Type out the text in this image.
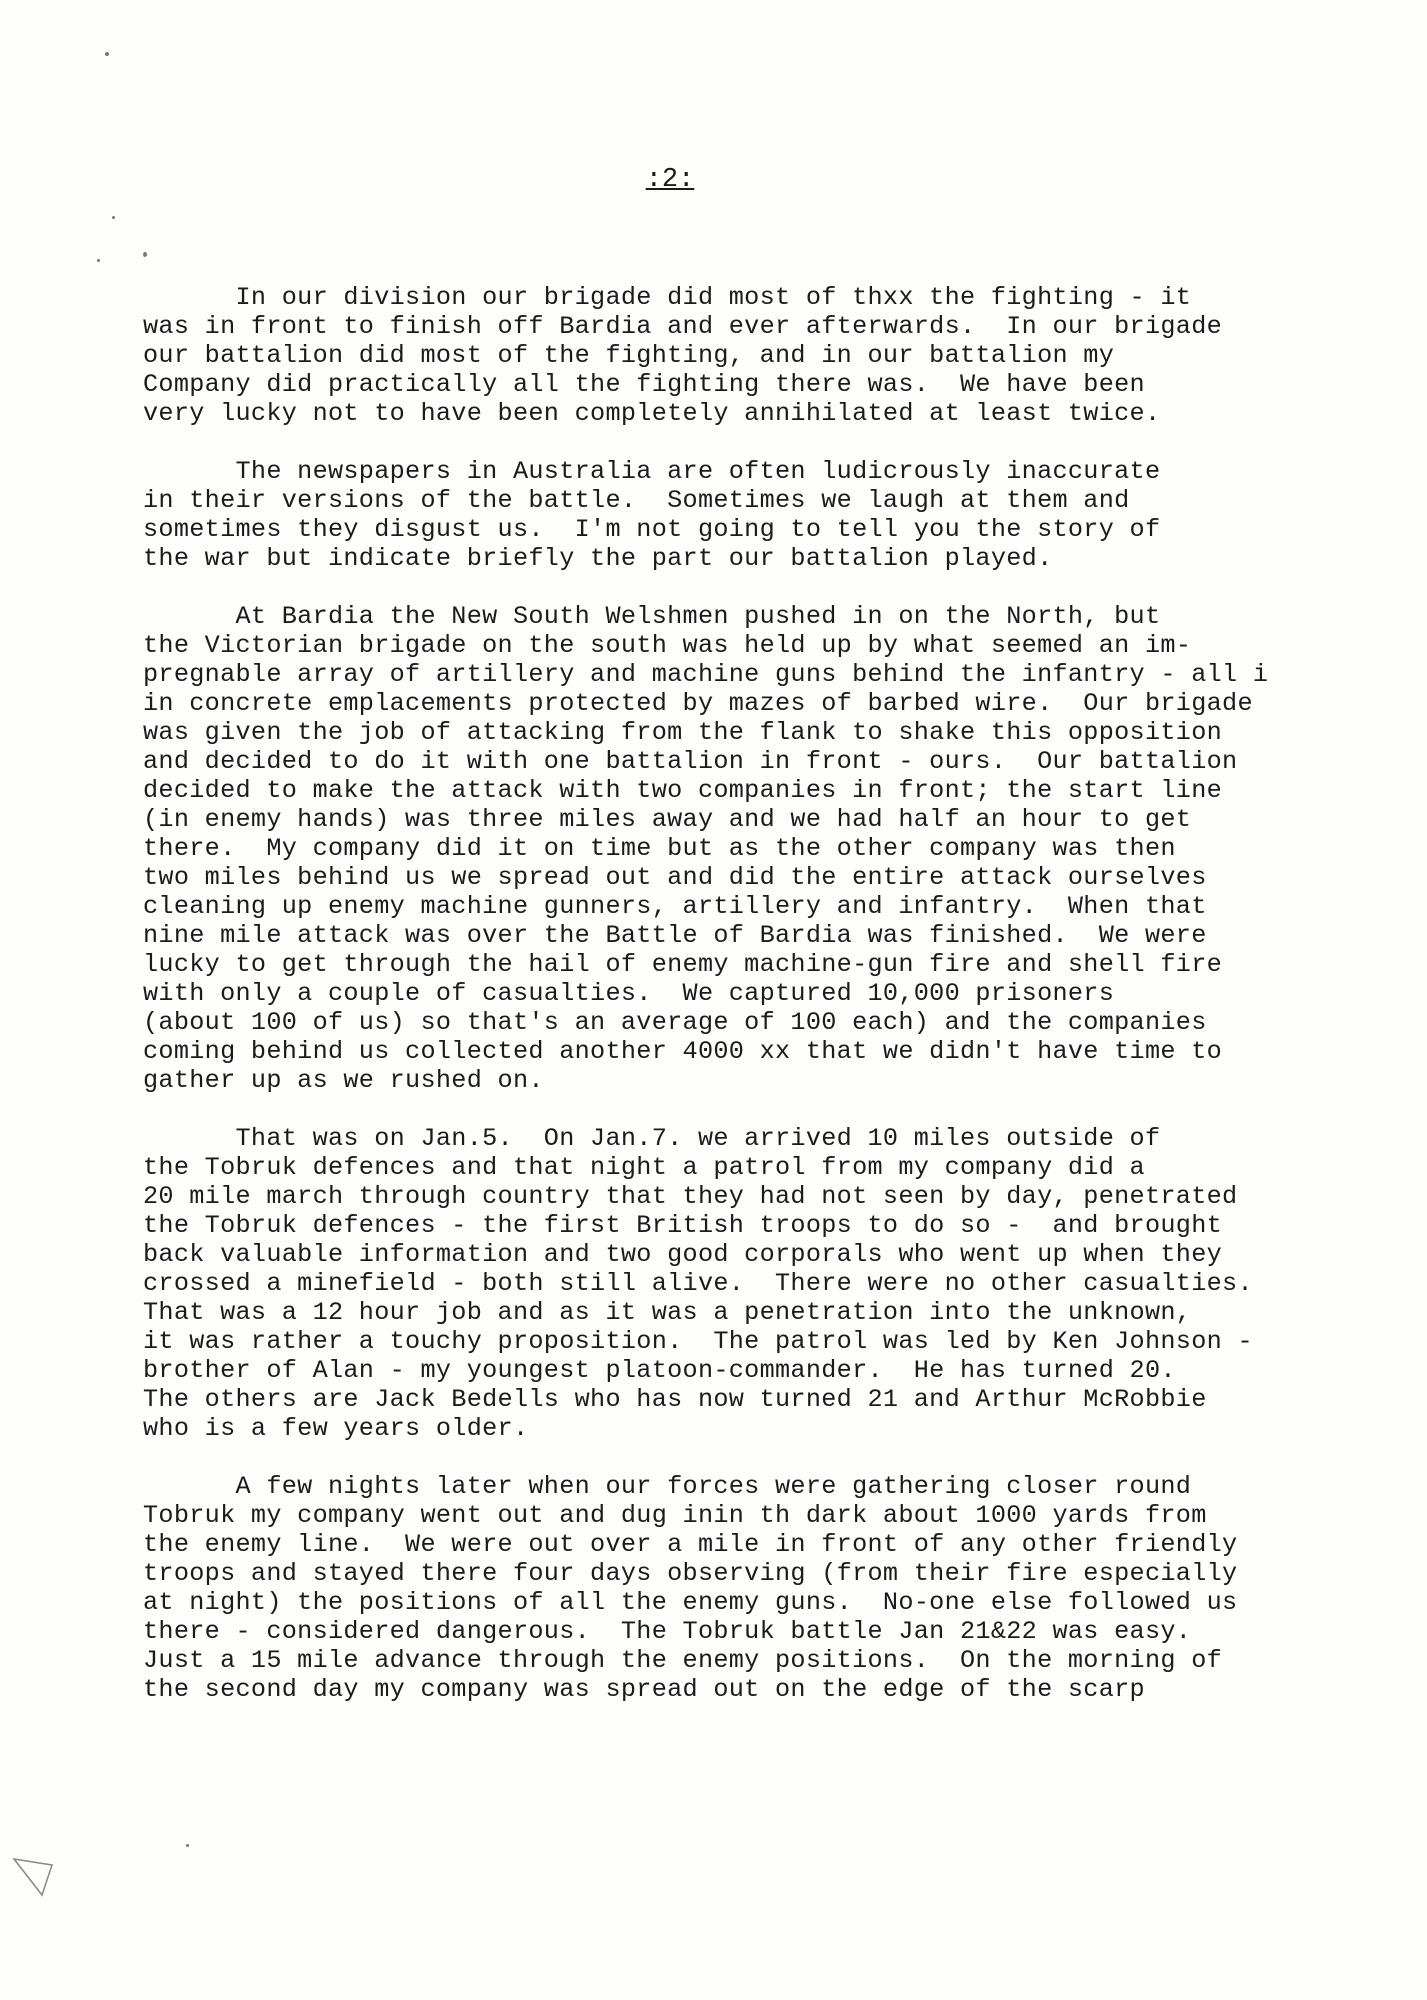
:2:
In our division our brigade did most of thxx the fighting - it
was in front to finish off Bardia and ever afterwards.  In our brigade
our battalion did most of the fighting, and in our battalion my
Company did practically all the fighting there was.  We have been
very lucky not to have been completely annihilated at least twice.
The newspapers in Australia are often ludicrously inaccurate
in their versions of the battle.  Sometimes we laugh at them and
sometimes they disgust us.  I'm not going to tell you the story of
the war but indicate briefly the part our battalion played.
At Bardia the New South Welshmen pushed in on the North, but
the Victorian brigade on the south was held up by what seemed an im-
pregnable array of artillery and machine guns behind the infantry - all i
in concrete emplacements protected by mazes of barbed wire.  Our brigade
was given the job of attacking from the flank to shake this opposition
and decided to do it with one battalion in front - ours.  Our battalion
decided to make the attack with two companies in front; the start line
(in enemy hands) was three miles away and we had half an hour to get
there.  My company did it on time but as the other company was then
two miles behind us we spread out and did the entire attack ourselves
cleaning up enemy machine gunners, artillery and infantry.  When that
nine mile attack was over the Battle of Bardia was finished.  We were
lucky to get through the hail of enemy machine-gun fire and shell fire
with only a couple of casualties.  We captured 10,000 prisoners
(about 100 of us) so that's an average of 100 each) and the companies
coming behind us collected another 4000 xx that we didn't have time to
gather up as we rushed on.
That was on Jan.5.  On Jan.7. we arrived 10 miles outside of
the Tobruk defences and that night a patrol from my company did a
20 mile march through country that they had not seen by day, penetrated
the Tobruk defences - the first British troops to do so -  and brought
back valuable information and two good corporals who went up when they
crossed a minefield - both still alive.  There were no other casualties.
That was a 12 hour job and as it was a penetration into the unknown,
it was rather a touchy proposition.  The patrol was led by Ken Johnson -
brother of Alan - my youngest platoon-commander.  He has turned 20.
The others are Jack Bedells who has now turned 21 and Arthur McRobbie
who is a few years older.
A few nights later when our forces were gathering closer round
Tobruk my company went out and dug inin th dark about 1000 yards from
the enemy line.  We were out over a mile in front of any other friendly
troops and stayed there four days observing (from their fire especially
at night) the positions of all the enemy guns.  No-one else followed us
there - considered dangerous.  The Tobruk battle Jan 21&22 was easy.
Just a 15 mile advance through the enemy positions.  On the morning of
the second day my company was spread out on the edge of the scarp
